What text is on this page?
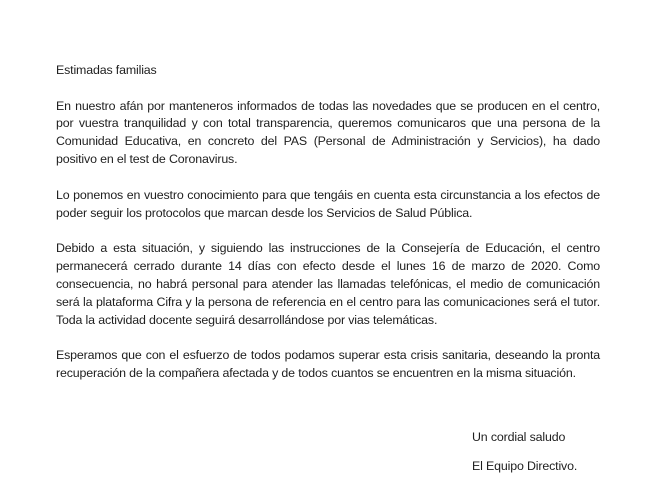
Estimadas familias

En nuestro afán por manteneros informados de todas las novedades que se producen en el centro, por vuestra tranquilidad y con total transparencia, queremos comunicaros que una persona de la Comunidad Educativa, en concreto del PAS (Personal de Administración y Servicios), ha dado positivo en el test de Coronavirus.

Lo ponemos en vuestro conocimiento para que tengáis en cuenta esta circunstancia a los efectos de poder seguir los protocolos que marcan desde los Servicios de Salud Pública.

Debido a esta situación, y siguiendo las instrucciones de la Consejería de Educación, el centro permanecerá cerrado durante 14 días con efecto desde el lunes 16 de marzo de 2020. Como consecuencia, no habrá personal para atender las llamadas telefónicas, el medio de comunicación será la plataforma Cifra y la persona de referencia en el centro para las comunicaciones será el tutor. Toda la actividad docente seguirá desarrollándose por vias telemáticas.

Esperamos que con el esfuerzo de todos podamos superar esta crisis sanitaria, deseando la pronta recuperación de la compañera afectada y de todos cuantos se encuentren en la misma situación.

Un cordial saludo
El Equipo Directivo.
